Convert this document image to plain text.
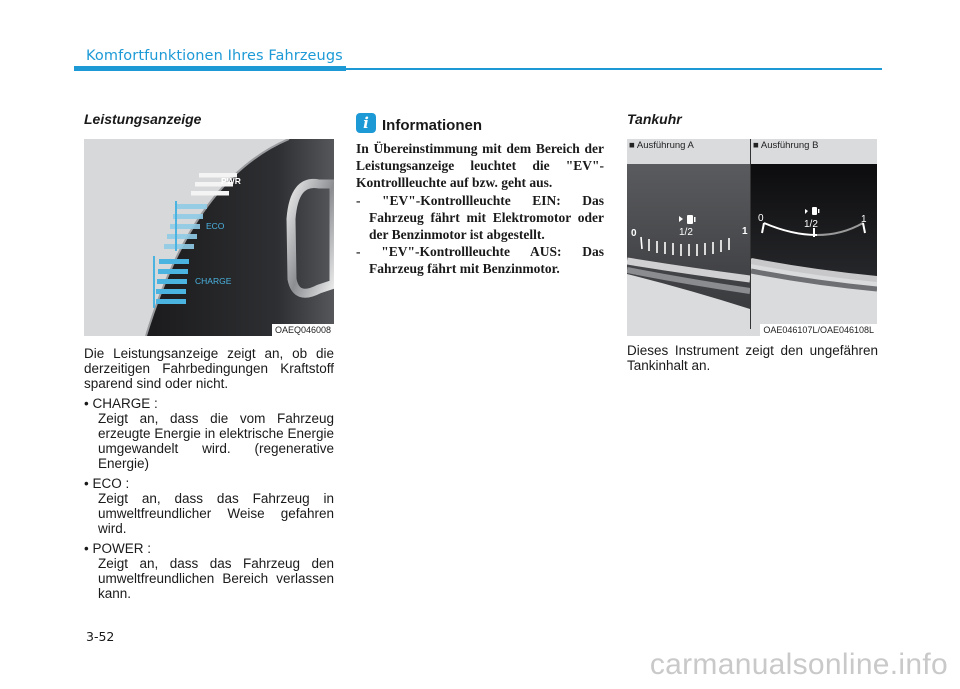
Komfortfunktionen Ihres Fahrzeugs
Leistungsanzeige
PWR
ECO
CHARGE
OAEQ046008

Die Leistungsanzeige zeigt an, ob die derzeitigen Fahrbedingungen Kraftstoff sparend sind oder nicht.

• CHARGE :

Zeigt an, dass die vom Fahrzeug erzeugte Energie in elektrische Energie umgewandelt wird. (regenerative Energie)

• ECO :

Zeigt an, dass das Fahrzeug in umweltfreundlicher Weise gefahren wird.

• POWER :

Zeigt an, dass das Fahrzeug den umweltfreundlichen Bereich verlassen kann.

i Informationen

In Übereinstimmung mit dem Bereich der Leistungsanzeige leuchtet die "EV"-Kontrollleuchte auf bzw. geht aus.

- "EV"-Kontrollleuchte EIN: Das Fahrzeug fährt mit Elektromotor oder der Benzinmotor ist abgestellt.

- "EV"-Kontrollleuchte AUS: Das Fahrzeug fährt mit Benzinmotor.

Tankuhr
0	1/2	1
0
1/2	1
OAE046107L/OAE046108L
■ Ausführung A	■ Ausführung B

Dieses Instrument zeigt den ungefähren Tankinhalt an.

3-52
carmanualsonline.info
